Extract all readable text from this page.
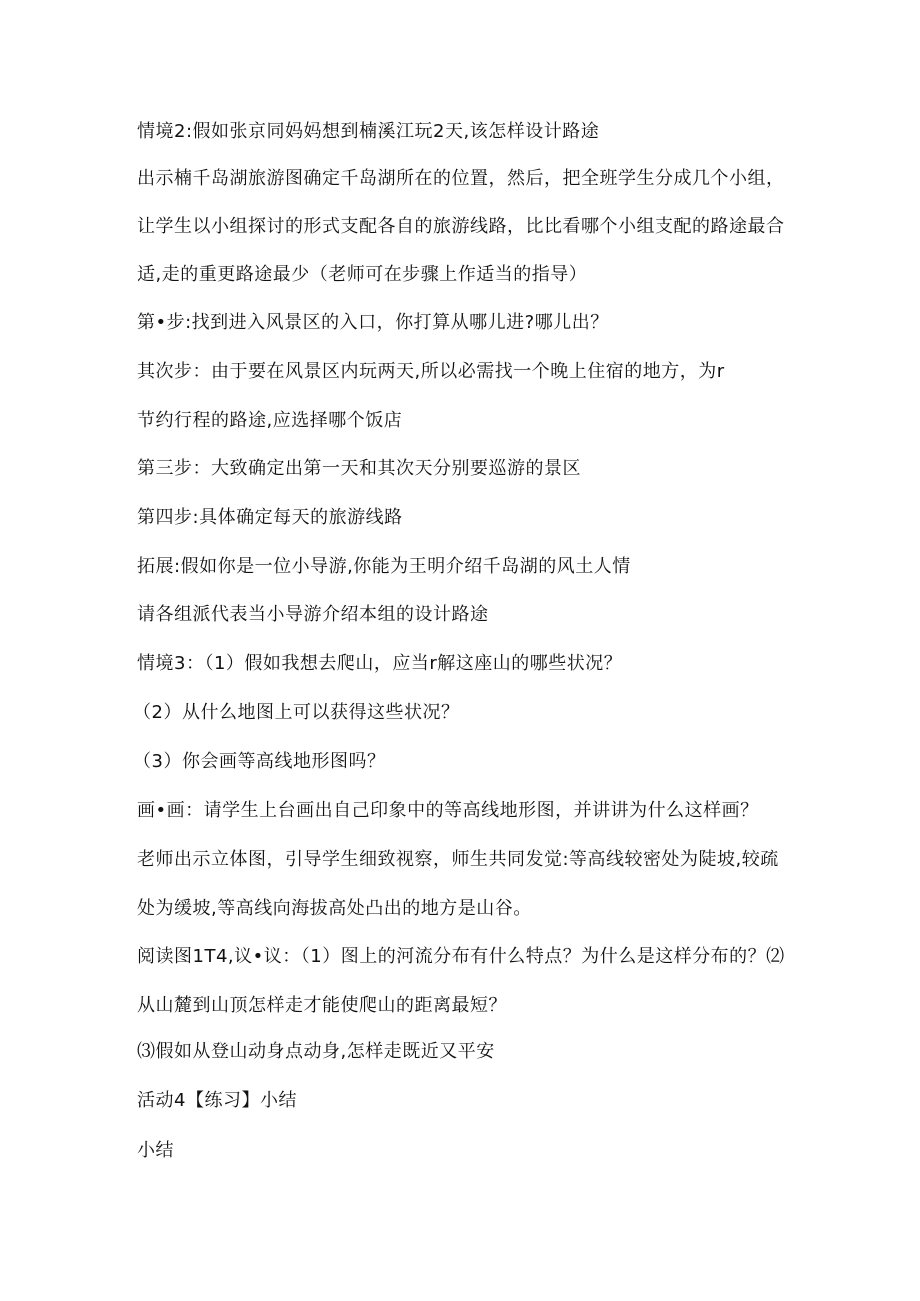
情境2:假如张京同妈妈想到楠溪江玩2天,该怎样设计路途
出示楠千岛湖旅游图确定千岛湖所在的位置，然后，把全班学生分成几个小组，
让学生以小组探讨的形式支配各自的旅游线路，比比看哪个小组支配的路途最合
适,走的重更路途最少（老师可在步骤上作适当的指导）
第•步:找到进入风景区的入口，你打算从哪儿进?哪儿出？
其次步：由于要在风景区内玩两天,所以必需找一个晚上住宿的地方，为r
节约行程的路途,应选择哪个饭店
第三步：大致确定出第一天和其次天分别要巡游的景区
第四步:具体确定每天的旅游线路
拓展:假如你是一位小导游,你能为王明介绍千岛湖的风土人情
请各组派代表当小导游介绍本组的设计路途
情境3：（1）假如我想去爬山，应当r解这座山的哪些状况？
（2）从什么地图上可以获得这些状况？
（3）你会画等高线地形图吗？
画•画：请学生上台画出自己印象中的等高线地形图，并讲讲为什么这样画？
老师出示立体图，引导学生细致视察，师生共同发觉:等高线较密处为陡坡,较疏
处为缓坡,等高线向海拔高处凸出的地方是山谷。
阅读图1T4,议•议：（1）图上的河流分布有什么特点？为什么是这样分布的？⑵
从山麓到山顶怎样走才能使爬山的距离最短？
⑶假如从登山动身点动身,怎样走既近又平安
活动4【练习】小结
小结
